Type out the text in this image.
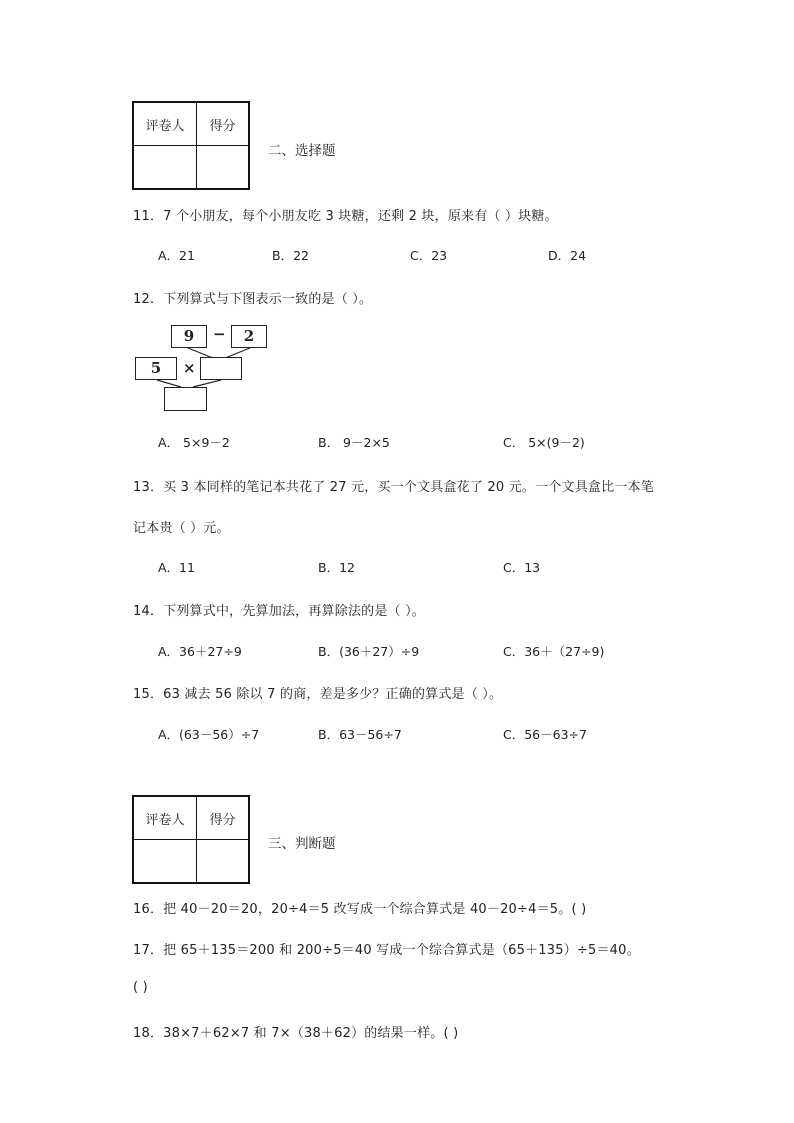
评卷人	得分

二、选择题
11．7 个小朋友，每个小朋友吃 3 块糖，还剩 2 块，原来有（ ）块糖。
A．21	B．22	C．23	D．24
12．下列算式与下图表示一致的是（ ）。
9	−	2
5	×
A． 5×9－2	B． 9－2×5	C． 5×(9－2)
13．买 3 本同样的笔记本共花了 27 元，买一个文具盒花了 20 元。一个文具盒比一本笔
记本贵（ ）元。
A．11	B．12	C．13
14．下列算式中，先算加法，再算除法的是（ ）。
A．36＋27÷9	B．(36＋27）÷9	C．36＋（27÷9)
15．63 减去 56 除以 7 的商，差是多少？正确的算式是（ ）。
A．(63－56）÷7	B．63－56÷7	C．56－63÷7
评卷人	得分

三、判断题
16．把 40－20＝20，20÷4＝5 改写成一个综合算式是 40－20÷4＝5。( )
17．把 65＋135＝200 和 200÷5＝40 写成一个综合算式是（65＋135）÷5＝40。
( )
18．38×7＋62×7 和 7×（38＋62）的结果一样。( )
